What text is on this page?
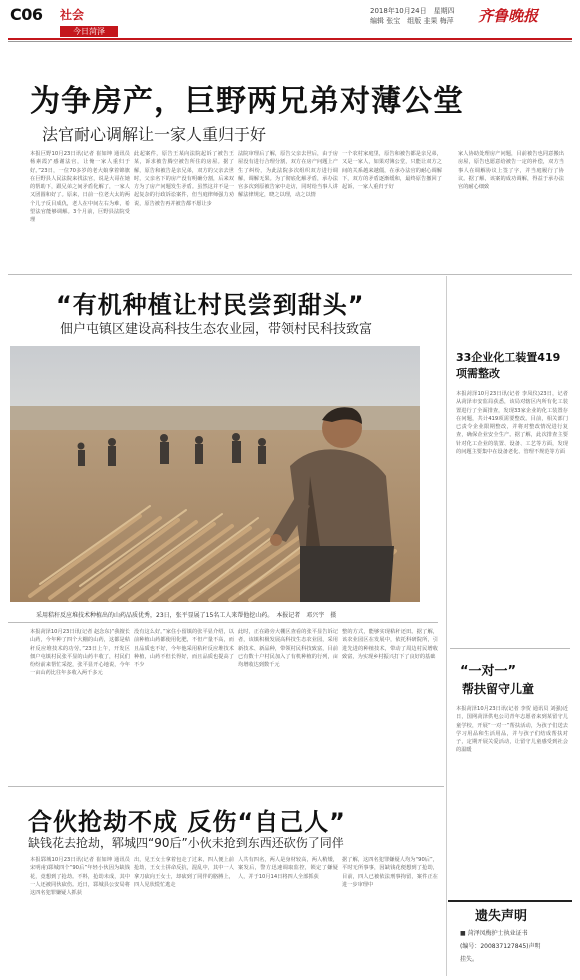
C06 社会
今日菏泽
2018年10月24日　星期四
编辑 张宝　组版 韭果 梅萍 齐鲁晚报
为争房产，巨野两兄弟对薄公堂
法官耐心调解让一家人重归于好
本报巨野10月23日讯(记者 崔如坤 通讯员 杨素霞)“感谢法官，让俺一家人重归于好。”23日，一位70多岁的老大娘拿着锦旗在巨野县人民法院来找法官，说是大哥在她的帮助下，跟兄弟之间矛盾化解了，一家人又团圆和好了。原来，日前一位老大太的两个儿子反目成仇，老人在中间左右为难，希望法官能够调解。3个月前，巨野县法院受理
此起案件，原告王某向法院起诉了被告王某，诉求被告腾空被告所住的房屋。据了解，原告和被告是亲兄弟，双方的父亲去世时，父亲名下的房产没有明确分割，后来双方为了房产问题发生矛盾。虽然这并不是一起复杂的行政诉讼案件，但当庭律师强力劝说，原告被告再并被告都不愿让步
法院审理后了解，原告父亲去世后，由于房屋没有进行合理分割，双方在房产问题上产生了纠纷，为此法院多次组织双方进行调解，调解无果。为了彻底化解矛盾，承办法官多次到原被告家中走访，同时给当事人讲解法律规定，晓之以理，动之以情
一个农村家庭里，原告和被告都是亲兄弟，又是一家人，如果对簿公堂，只能让双方之间的关系越来越僵，在承办法官的耐心调解下，双方的矛盾逐渐缓和，最终原告撤回了起诉，一家人重归于好
家人协助处理房产问题，目前被告也同意搬出房屋，原告也愿意给被告一定的补偿，双方当事人在调解协议上签了字，并当庭履行了协议。据了解，该案的成功调解，得益于承办法官的耐心细致
“有机种植让村民尝到甜头”
佃户屯镇区建设高科技生态农业园，带领村民科技致富
采用秸秆反应堆技术种植出的山药品质优秀，23日，张平显展了15名工人来帮他挖山药。　本报记者　邓兴宇　摄
本报菏泽10月23日讯(记者 赵念东)“我擅长山药，今年种了四个大棚的山药，这都是秸秆反应堆技术的功劳。”23日上午，开发区佃户屯镇村民张平显的山药丰收了，村民们纷纷前来帮忙采挖，张平显开心地说，今年一亩山药比往年多收入两千多元
没有这么好。”家住小留镇的张平显介绍，以前种植山药都使用化肥，不但产量不高，而且品质也不好，今年他采用秸秆反应堆技术种植，山药不但长得好，而且品质也提高了不少
此时，正在路旁大棚区查看的张平显告诉记者，该镇积极发展高科技生态农业园，采用新技术、新品种，带领村民科技致富，目前已有数十户村民加入了有机种植的行列，亩均增收达到数千元
整的方式，能够实现秸秆还田。据了解，该农业园区在发展中，依托科研院所，引进先进的种植技术，带动了周边村民增收致富，为实现乡村振兴打下了良好的基础
33企业化工装置419项需整改
本报菏泽10月23日讯(记者 李凤仪)23日，记者从菏泽市安监局获悉，该局对辖区内所有化工装置进行了全面排查，发现33家企业的化工装置存在问题，共计419项需要整改。目前，相关部门已责令企业限期整改，并将对整改情况进行复查，确保企业安全生产。据了解，此次排查主要针对化工企业的装置、设备、工艺等方面，发现的问题主要集中在设备老化、管理不规范等方面
“一对一”
帮扶留守儿童
本报菏泽10月23日讯(记者 李贺 通讯员 刘强)近日，国网菏泽供电公司青年志愿者来到某留守儿童学校，开展“一对一”帮扶活动，为孩子们送去学习用品和生活用品，并与孩子们结成帮扶对子，定期开展关爱活动，让留守儿童感受到社会的温暖
合伙抢劫不成 反伤“自己人”
缺钱花去抢劫，郓城四“90后”小伙未抢到东西还砍伤了同伴
本报郓城10月23日讯(记者 崔如坤 通讯员 宋明甫)郓城四个“90后”年轻小伙因为缺钱花，竟想到了抢劫。不料，抢劫未成，其中一人还被同伙砍伤。近日，郓城县公安局将这四名犯罪嫌疑人抓获
出，见王女士拿着包走了过来，四人便上前抢劫，王女士拼命反抗，混乱中，其中一人拿刀砍向王女士，却砍到了同伴的胳膊上，四人见状慌忙逃走
人共有四名，两人是身材较高，两人稍矮，案发后，警方迅速调取监控，锁定了嫌疑人，并于10月14日将四人全部抓获
据了解，这四名犯罪嫌疑人均为“90后”，平时无所事事，因缺钱花便想到了抢劫，目前，四人已被依法刑事拘留，案件正在进一步审理中
遗失声明
■ 菏泽凤梅护士执业证书
(编号：200837127845)声明
挂失。
